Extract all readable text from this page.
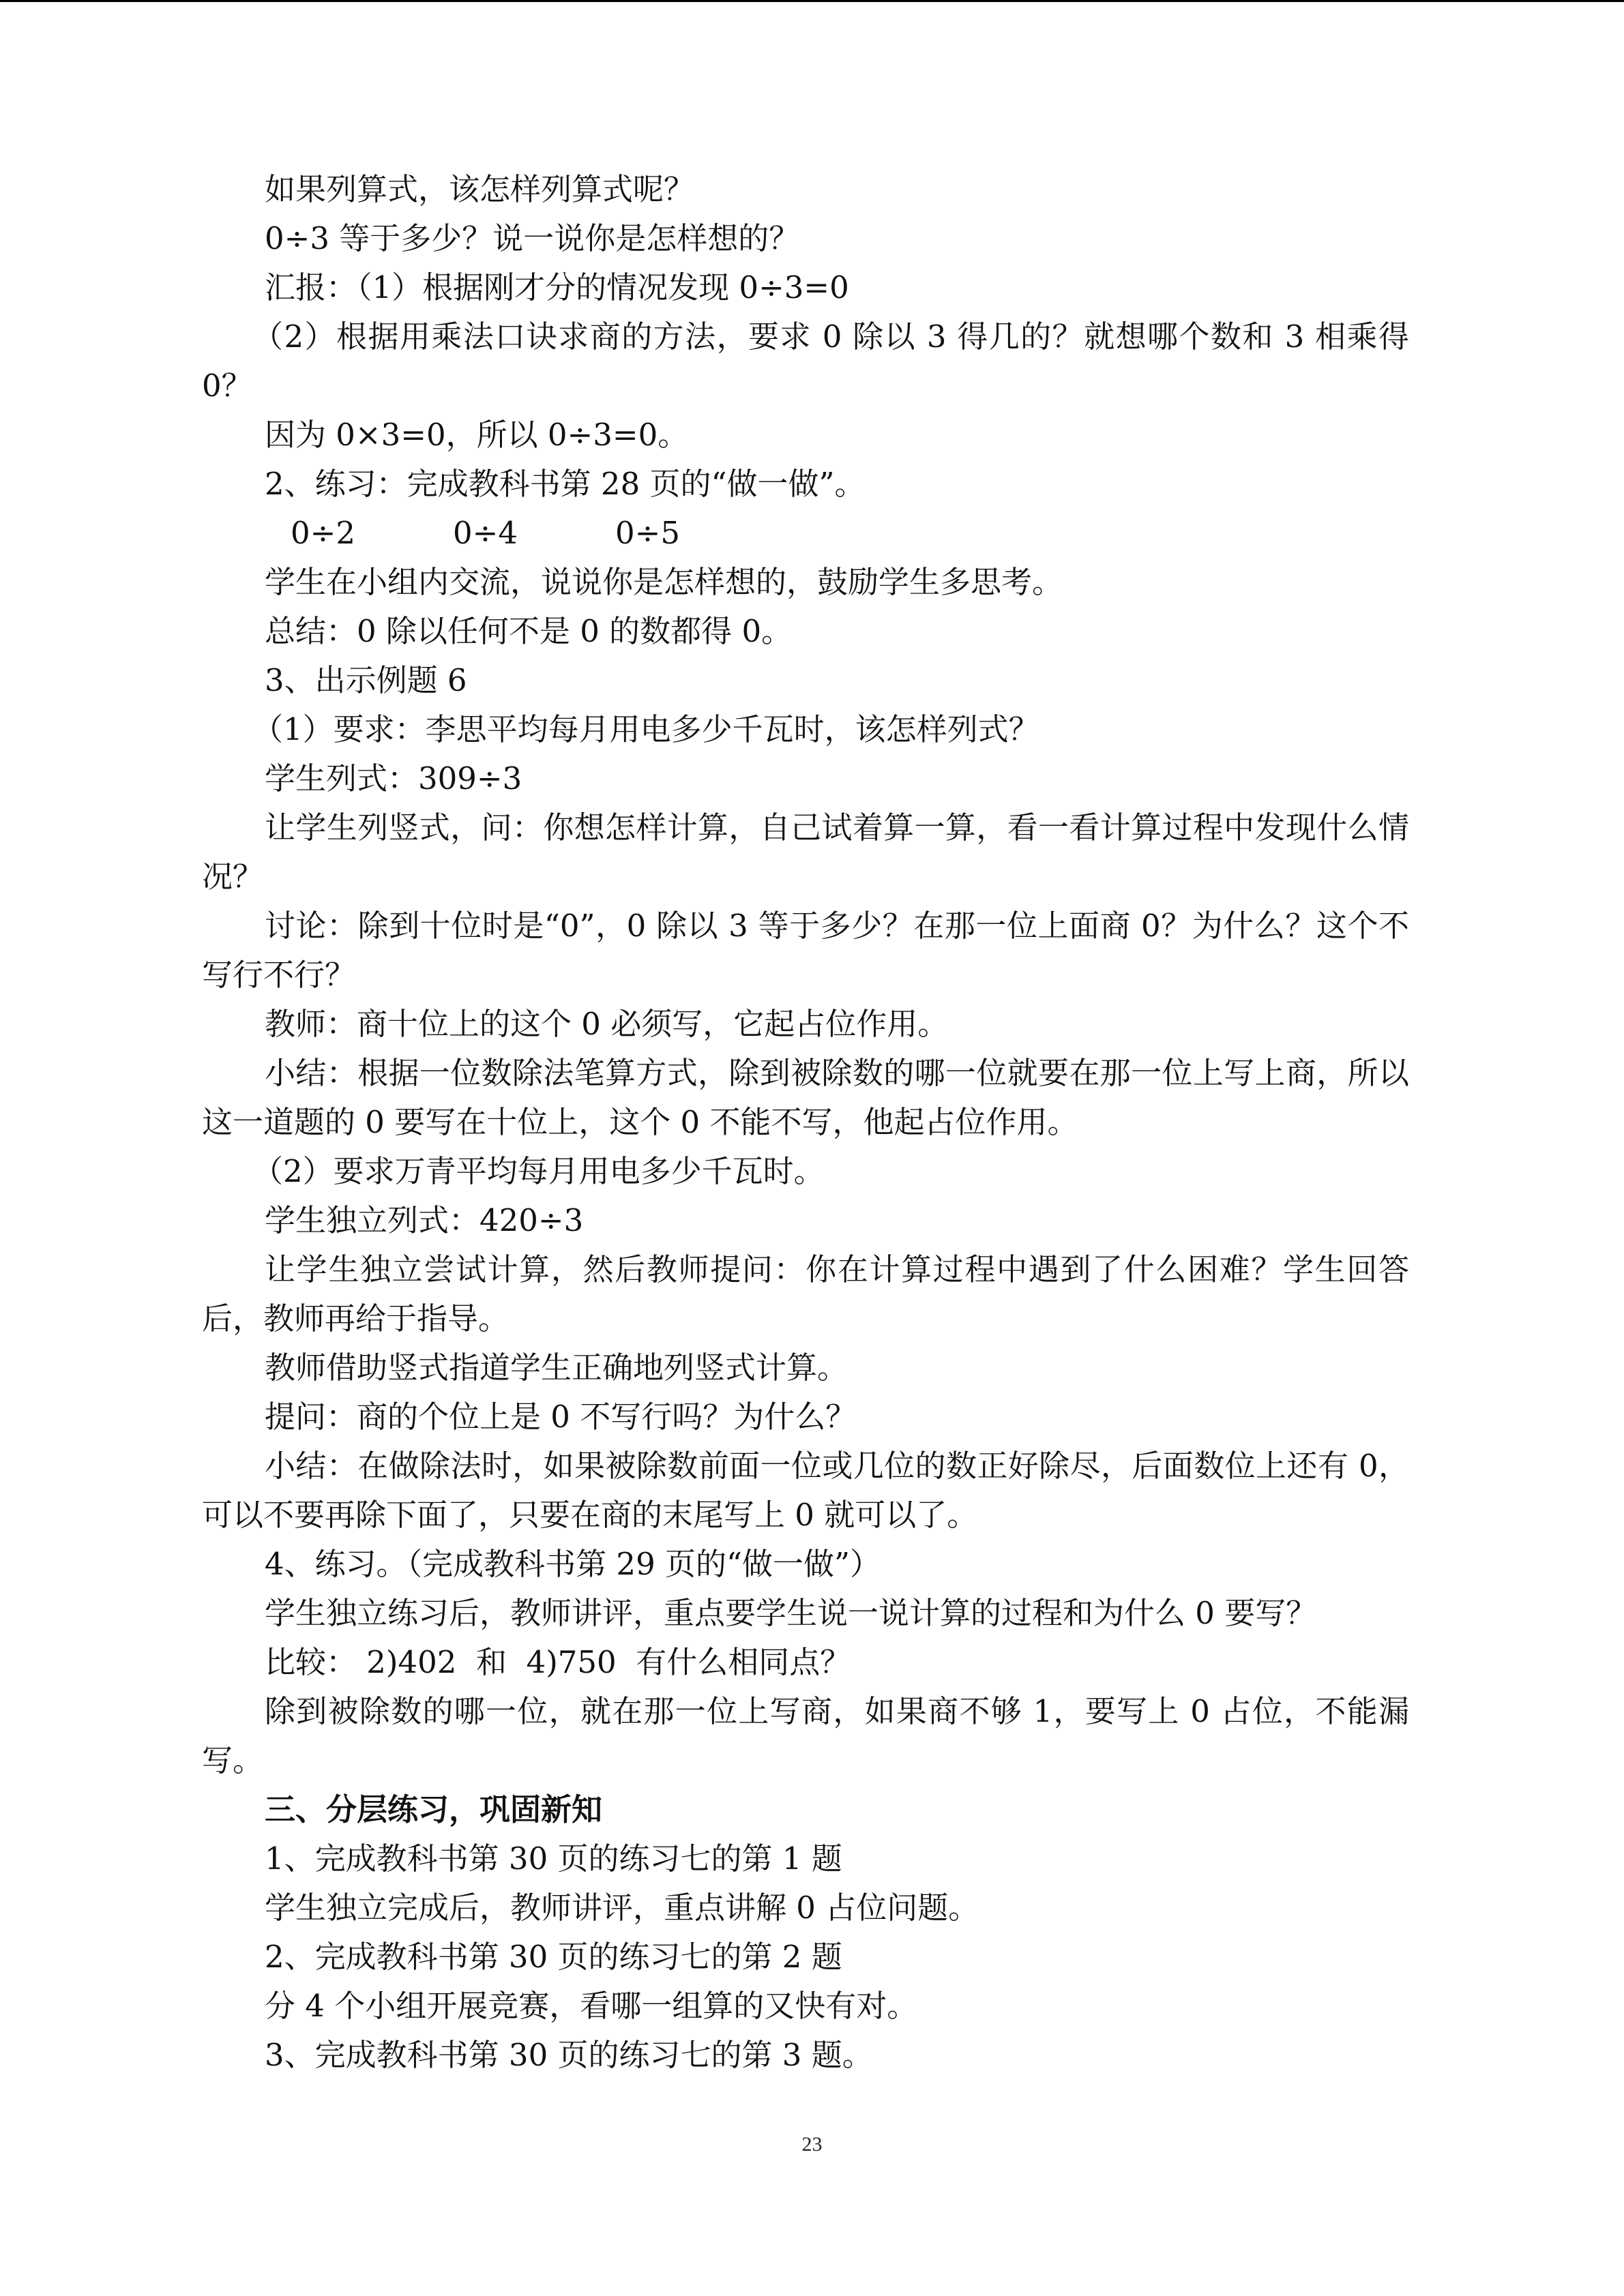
如果列算式，该怎样列算式呢？

0÷3 等于多少？说一说你是怎样想的？

汇报：（1）根据刚才分的情况发现 0÷3=0

（2）根据用乘法口诀求商的方法，要求 0 除以 3 得几的？就想哪个数和 3 相乘得 0？

因为 0×3=0，所以 0÷3=0。

2、练习：完成教科书第 28 页的“做一做”。

0÷2          0÷4          0÷5

学生在小组内交流，说说你是怎样想的，鼓励学生多思考。

总结：0 除以任何不是 0 的数都得 0。

3、出示例题 6

（1）要求：李思平均每月用电多少千瓦时，该怎样列式？

学生列式：309÷3

让学生列竖式，问：你想怎样计算，自己试着算一算，看一看计算过程中发现什么情况？

讨论：除到十位时是“0”，0 除以 3 等于多少？在那一位上面商 0？为什么？这个不写行不行？

教师：商十位上的这个 0 必须写，它起占位作用。

小结：根据一位数除法笔算方式，除到被除数的哪一位就要在那一位上写上商，所以这一道题的 0 要写在十位上，这个 0 不能不写，他起占位作用。

（2）要求万青平均每月用电多少千瓦时。

学生独立列式：420÷3

让学生独立尝试计算，然后教师提问：你在计算过程中遇到了什么困难？学生回答后，教师再给于指导。

教师借助竖式指道学生正确地列竖式计算。

提问：商的个位上是 0 不写行吗？为什么？

小结：在做除法时，如果被除数前面一位或几位的数正好除尽，后面数位上还有 0，可以不要再除下面了，只要在商的末尾写上 0 就可以了。

4、练习。（完成教科书第 29 页的“做一做”）

学生独立练习后，教师讲评，重点要学生说一说计算的过程和为什么 0 要写？

比较： 2)402  和  4)750  有什么相同点？

除到被除数的哪一位，就在那一位上写商，如果商不够 1，要写上 0 占位，不能漏写。

三、分层练习，巩固新知

1、完成教科书第 30 页的练习七的第 1 题

学生独立完成后，教师讲评，重点讲解 0 占位问题。

2、完成教科书第 30 页的练习七的第 2 题

分 4 个小组开展竞赛，看哪一组算的又快有对。

3、完成教科书第 30 页的练习七的第 3 题。

23
